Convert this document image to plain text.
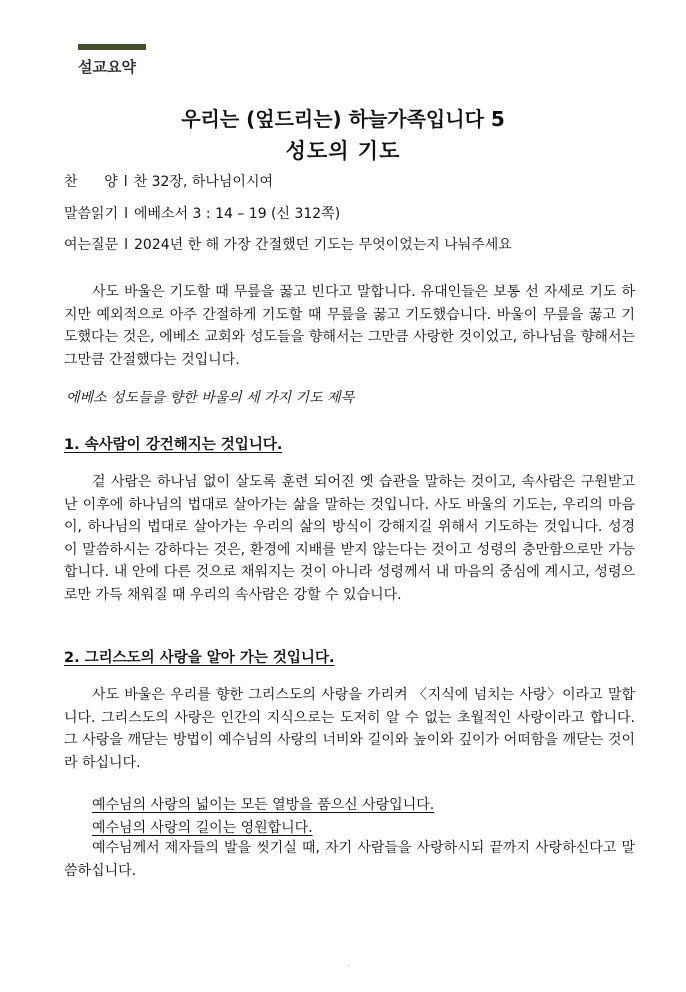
설교요약
우리는 (엎드리는) 하늘가족입니다 5
성도의 기도
찬      양 l 찬 32장, 하나님이시여
말씀읽기 l 에베소서 3 : 14 – 19 (신 312쪽)
여는질문 l 2024년 한 해 가장 간절했던 기도는 무엇이었는지 나눠주세요

사도 바울은 기도할 때 무릎을 꿇고 빈다고 말합니다. 유대인들은 보통 선 자세로 기도 하지만 예외적으로 아주 간절하게 기도할 때 무릎을 꿇고 기도했습니다. 바울이 무릎을 꿇고 기도했다는 것은, 에베소 교회와 성도들을 향해서는 그만큼 사랑한 것이었고, 하나님을 향해서는 그만큼 간절했다는 것입니다.

에베소 성도들을 향한 바울의 세 가지 기도 제목
1. 속사람이 강건해지는 것입니다.

겉 사람은 하나님 없이 살도록 훈련 되어진 옛 습관을 말하는 것이고, 속사람은 구원받고 난 이후에 하나님의 법대로 살아가는 삶을 말하는 것입니다. 사도 바울의 기도는, 우리의 마음이, 하나님의 법대로 살아가는 우리의 삶의 방식이 강해지길 위해서 기도하는 것입니다. 성경이 말씀하시는 강하다는 것은, 환경에 지배를 받지 않는다는 것이고 성령의 충만함으로만 가능합니다. 내 안에 다른 것으로 채워지는 것이 아니라 성령께서 내 마음의 중심에 계시고, 성령으로만 가득 채워질 때 우리의 속사람은 강할 수 있습니다.

2. 그리스도의 사랑을 알아 가는 것입니다.

사도 바울은 우리를 향한 그리스도의 사랑을 가리켜 〈지식에 넘치는 사랑〉이라고 말합니다. 그리스도의 사랑은 인간의 지식으로는 도저히 알 수 없는 초월적인 사랑이라고 합니다. 그 사랑을 깨닫는 방법이 예수님의 사랑의 너비와 길이와 높이와 깊이가 어떠함을 깨닫는 것이라 하십니다.

예수님의 사랑의 넓이는 모든 열방을 품으신 사랑입니다.
예수님의 사랑의 길이는 영원합니다.

예수님께서 제자들의 발을 씻기실 때, 자기 사람들을 사랑하시되 끝까지 사랑하신다고 말씀하십니다.

.
